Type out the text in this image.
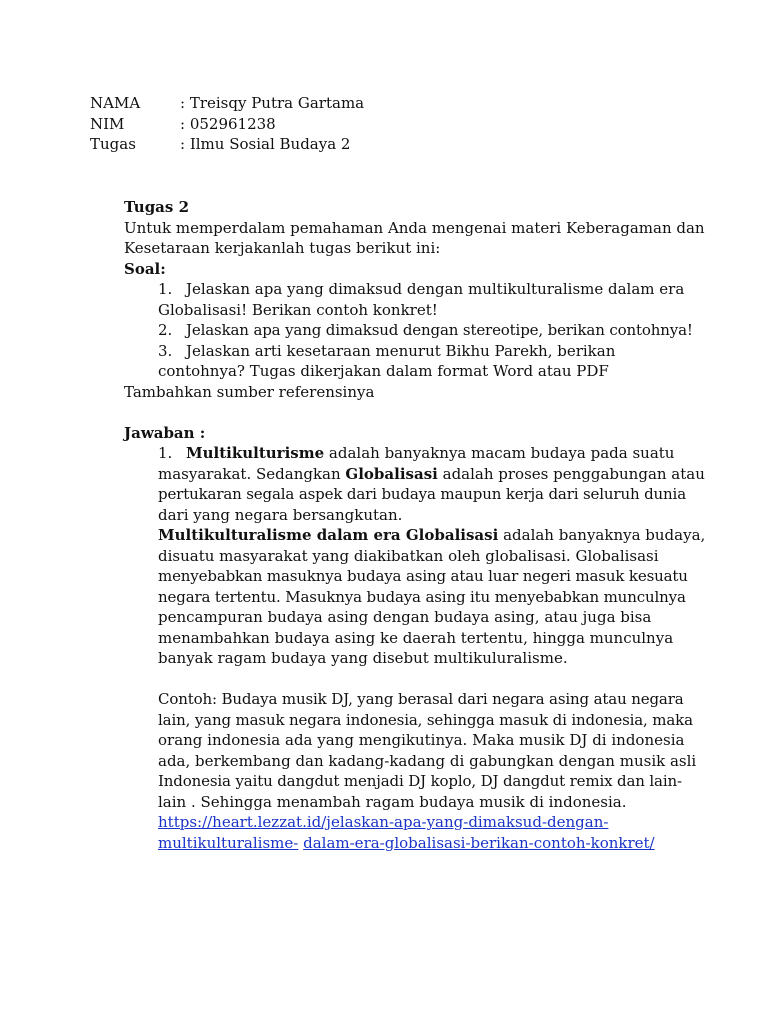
NAMA	: Treisqy Putra Gartama
NIM	: 052961238
Tugas	: Ilmu Sosial Budaya 2
Tugas 2
Untuk memperdalam pemahaman Anda mengenai materi Keberagaman dan
Kesetaraan kerjakanlah tugas berikut ini:
Soal:
1. Jelaskan apa yang dimaksud dengan multikulturalisme dalam era
Globalisasi! Berikan contoh konkret!
2. Jelaskan apa yang dimaksud dengan stereotipe, berikan contohnya!
3. Jelaskan arti kesetaraan menurut Bikhu Parekh, berikan
contohnya? Tugas dikerjakan dalam format Word atau PDF
Tambahkan sumber referensinya
Jawaban :
1. Multikulturisme adalah banyaknya macam budaya pada suatu
masyarakat. Sedangkan Globalisasi adalah proses penggabungan atau
pertukaran segala aspek dari budaya maupun kerja dari seluruh dunia
dari yang negara bersangkutan.
Multikulturalisme dalam era Globalisasi adalah banyaknya budaya,
disuatu masyarakat yang diakibatkan oleh globalisasi. Globalisasi
menyebabkan masuknya budaya asing atau luar negeri masuk kesuatu
negara tertentu. Masuknya budaya asing itu menyebabkan munculnya
pencampuran budaya asing dengan budaya asing, atau juga bisa
menambahkan budaya asing ke daerah tertentu, hingga munculnya
banyak ragam budaya yang disebut multikuluralisme.
Contoh: Budaya musik DJ, yang berasal dari negara asing atau negara
lain, yang masuk negara indonesia, sehingga masuk di indonesia, maka
orang indonesia ada yang mengikutinya. Maka musik DJ di indonesia
ada, berkembang dan kadang-kadang di gabungkan dengan musik asli
Indonesia yaitu dangdut menjadi DJ koplo, DJ dangdut remix dan lain-
lain . Sehingga menambah ragam budaya musik di indonesia.
https://heart.lezzat.id/jelaskan-apa-yang-dimaksud-dengan-
multikulturalisme- dalam-era-globalisasi-berikan-contoh-konkret/
